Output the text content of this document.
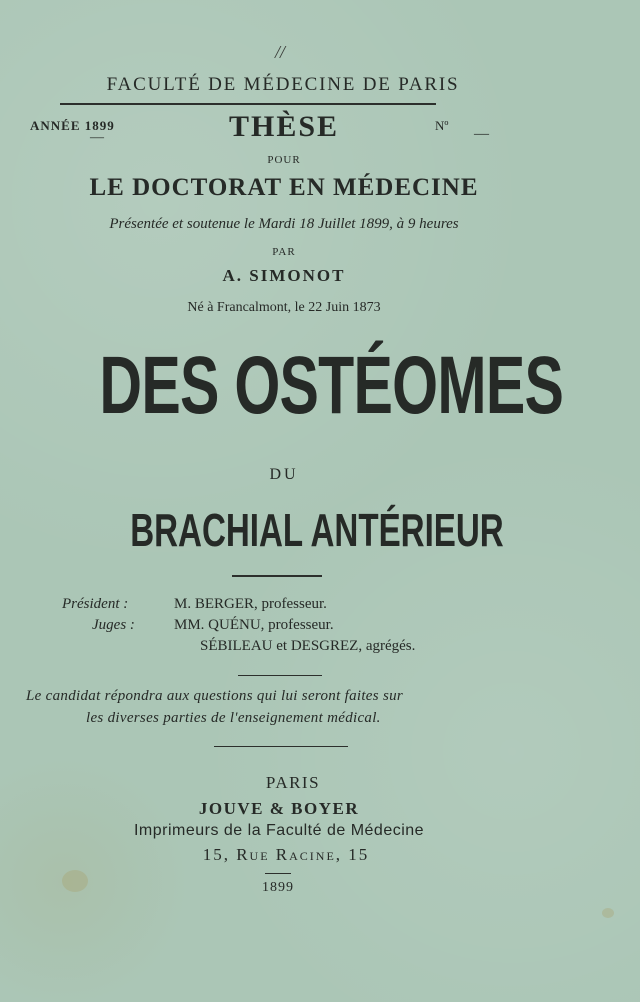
//
FACULTÉ DE MÉDECINE DE PARIS
ANNÉE 1899
—	THÈSE	Nº
—
POUR
LE DOCTORAT EN MÉDECINE
Présentée et soutenue le Mardi 18 Juillet 1899, à 9 heures
PAR
A. SIMONOT
Né à Francalmont, le 22 Juin 1873
DES OSTÉOMES
DU
BRACHIAL ANTÉRIEUR
Président :	M. BERGER, professeur.
Juges :	MM. QUÉNU, professeur.
SÉBILEAU et DESGREZ, agrégés.
Le candidat répondra aux questions qui lui seront faites sur
les diverses parties de l'enseignement médical.
PARIS
JOUVE & BOYER
Imprimeurs de la Faculté de Médecine
15, Rue Racine, 15
1899
